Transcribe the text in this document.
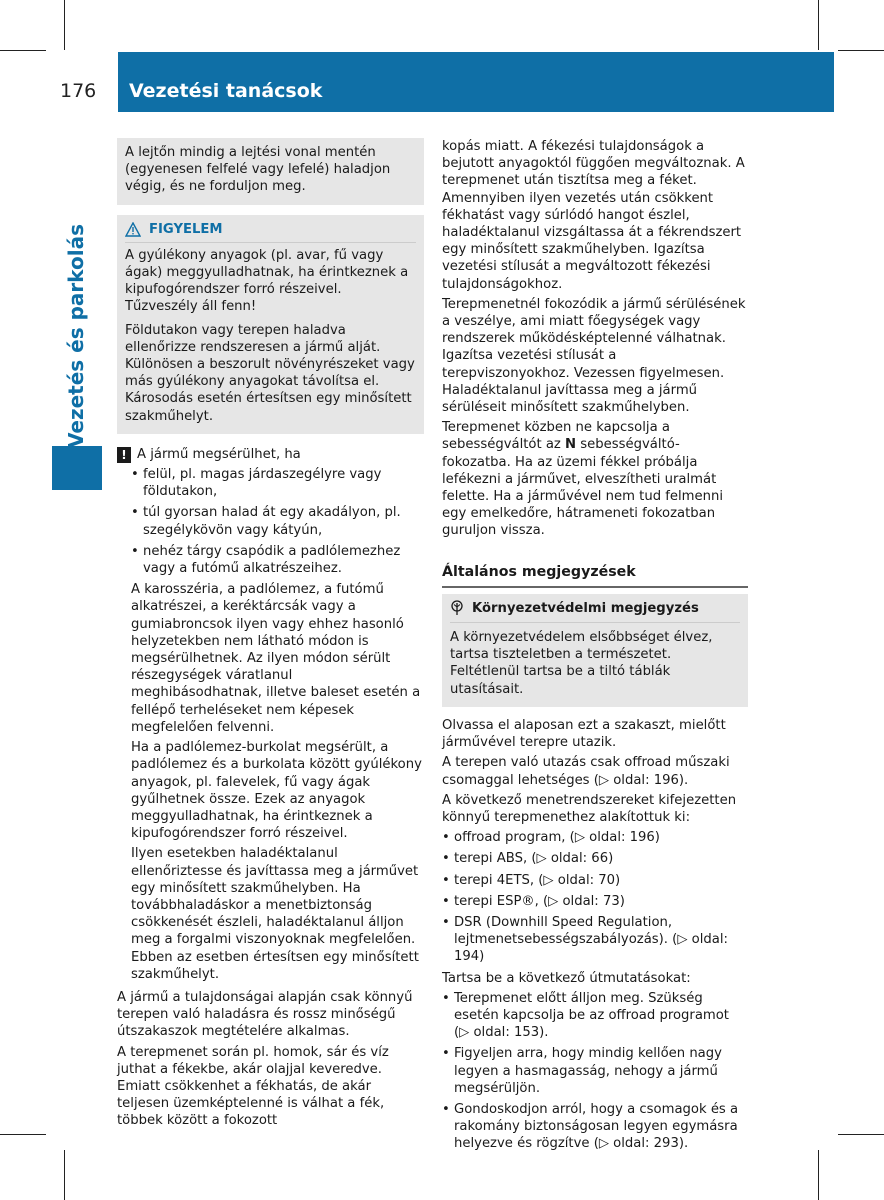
176 Vezetési tanácsok
Vezetés és parkolás

A lejtőn mindig a lejtési vonal mentén (egyenesen felfelé vagy lefelé) haladjon végig, és ne forduljon meg.

FIGYELEM

A gyúlékony anyagok (pl. avar, fű vagy ágak) meggyulladhatnak, ha érintkeznek a kipufogórendszer forró részeivel. Tűzveszély áll fenn!

Földutakon vagy terepen haladva ellenőrizze rendszeresen a jármű alját. Különösen a beszorult növényrészeket vagy más gyúlékony anyagokat távolítsa el. Károsodás esetén értesítsen egy minősített szakműhelyt.

! A jármű megsérülhet, ha
• felül, pl. magas járdaszegélyre vagy földutakon,
• túl gyorsan halad át egy akadályon, pl. szegélykövön vagy kátyún,
• nehéz tárgy csapódik a padlólemezhez vagy a futómű alkatrészeihez.

A karosszéria, a padlólemez, a futómű alkatrészei, a keréktárcsák vagy a gumiabroncsok ilyen vagy ehhez hasonló helyzetekben nem látható módon is megsérülhetnek. Az ilyen módon sérült részegységek váratlanul meghibásodhatnak, illetve baleset esetén a fellépő terheléseket nem képesek megfelelően felvenni.

Ha a padlólemez-burkolat megsérült, a padlólemez és a burkolata között gyúlékony anyagok, pl. falevelek, fű vagy ágak gyűlhetnek össze. Ezek az anyagok meggyulladhatnak, ha érintkeznek a kipufogórendszer forró részeivel.

Ilyen esetekben haladéktalanul ellenőriztesse és javíttassa meg a járművet egy minősített szakműhelyben. Ha továbbhaladáskor a menetbiztonság csökkenését észleli, haladéktalanul álljon meg a forgalmi viszonyoknak megfelelően. Ebben az esetben értesítsen egy minősített szakműhelyt.

A jármű a tulajdonságai alapján csak könnyű terepen való haladásra és rossz minőségű útszakaszok megtételére alkalmas.

A terepmenet során pl. homok, sár és víz juthat a fékekbe, akár olajjal keveredve. Emiatt csökkenhet a fékhatás, de akár teljesen üzemképtelenné is válhat a fék, többek között a fokozott

kopás miatt. A fékezési tulajdonságok a bejutott anyagoktól függően megváltoznak. A terepmenet után tisztítsa meg a féket. Amennyiben ilyen vezetés után csökkent fékhatást vagy súrlódó hangot észlel, haladéktalanul vizsgáltassa át a fékrendszert egy minősített szakműhelyben. Igazítsa vezetési stílusát a megváltozott fékezési tulajdonságokhoz.

Terepmenetnél fokozódik a jármű sérülésének a veszélye, ami miatt főegységek vagy rendszerek működésképtelenné válhatnak. Igazítsa vezetési stílusát a terepviszonyokhoz. Vezessen figyelmesen. Haladéktalanul javíttassa meg a jármű sérüléseit minősített szakműhelyben.

Terepmenet közben ne kapcsolja a sebességváltót az N sebességváltó-fokozatba. Ha az üzemi fékkel próbálja lefékezni a járművet, elveszítheti uralmát felette. Ha a járművével nem tud felmenni egy emelkedőre, hátrameneti fokozatban guruljon vissza.

Általános megjegyzések
Környezetvédelmi megjegyzés

A környezetvédelem elsőbbséget élvez, tartsa tiszteletben a természetet. Feltétlenül tartsa be a tiltó táblák utasításait.

Olvassa el alaposan ezt a szakaszt, mielőtt járművével terepre utazik.

A terepen való utazás csak offroad műszaki csomaggal lehetséges (▷ oldal: 196).

A következő menetrendszereket kifejezetten könnyű terepmenethez alakítottuk ki:

• offroad program, (▷ oldal: 196)
• terepi ABS, (▷ oldal: 66)
• terepi 4ETS, (▷ oldal: 70)
• terepi ESP®, (▷ oldal: 73)
• DSR (Downhill Speed Regulation, lejtmenetsebességszabályozás). (▷ oldal: 194)

Tartsa be a következő útmutatásokat:

• Terepmenet előtt álljon meg. Szükség esetén kapcsolja be az offroad programot (▷ oldal: 153).
• Figyeljen arra, hogy mindig kellően nagy legyen a hasmagasság, nehogy a jármű megsérüljön.
• Gondoskodjon arról, hogy a csomagok és a rakomány biztonságosan legyen egymásra helyezve és rögzítve (▷ oldal: 293).
